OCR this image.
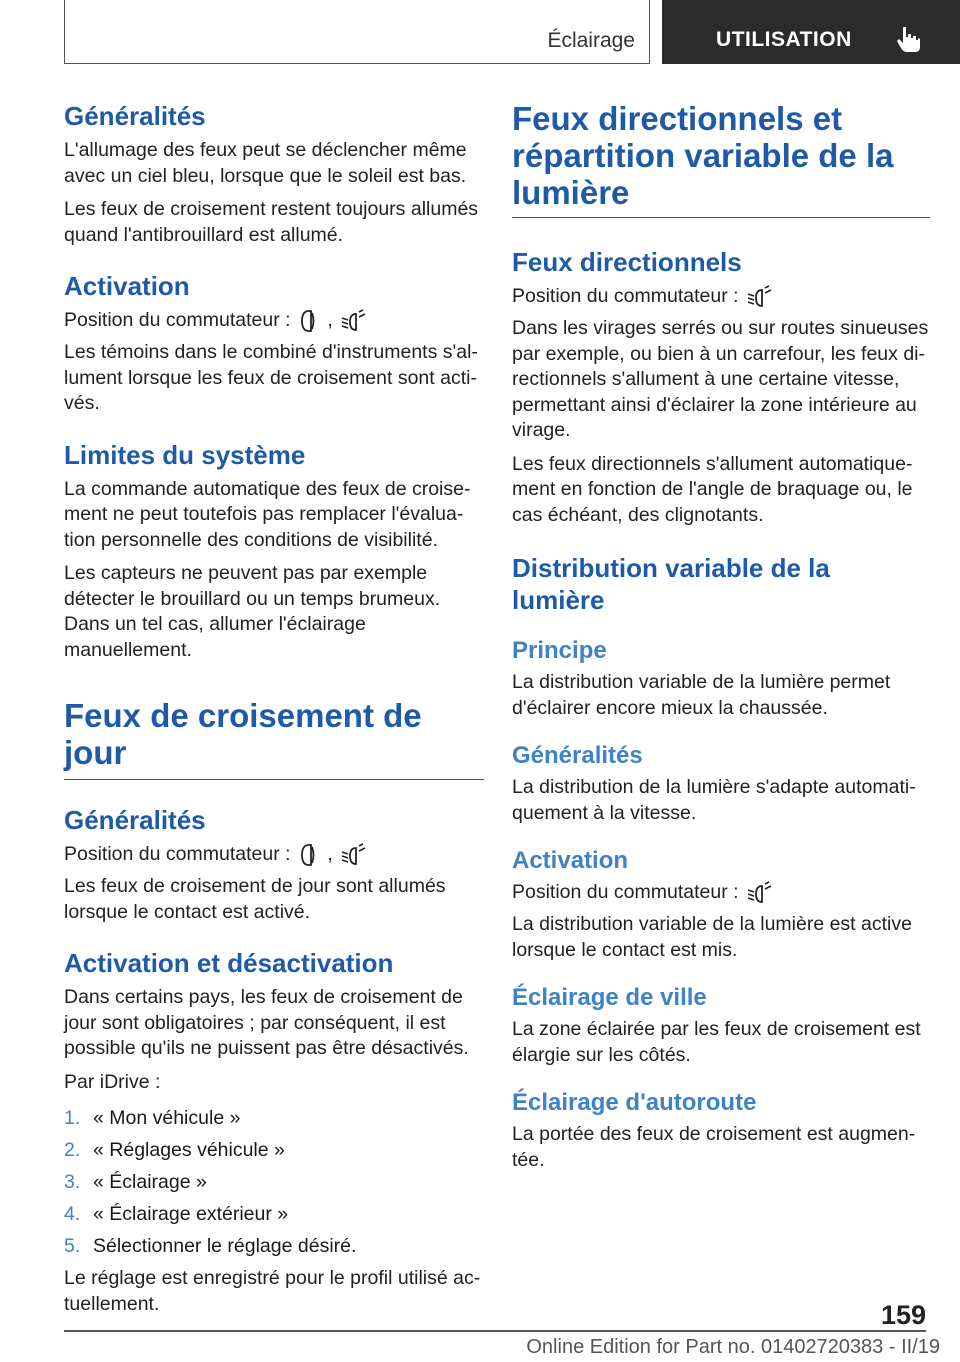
Éclairage	UTILISATION
Généralités

L'allumage des feux peut se déclencher même avec un ciel bleu, lorsque que le soleil est bas.

Les feux de croisement restent toujours allumés quand l'antibrouillard est allumé.

Activation

Position du commutateur : ,

Les témoins dans le combiné d'instruments s'allument lorsque les feux de croisement sont activés.

Limites du système

La commande automatique des feux de croisement ne peut toutefois pas remplacer l'évaluation personnelle des conditions de visibilité.

Les capteurs ne peuvent pas par exemple détecter le brouillard ou un temps brumeux. Dans un tel cas, allumer l'éclairage manuellement.

Feux de croisement de jour
Généralités

Position du commutateur : ,

Les feux de croisement de jour sont allumés lorsque le contact est activé.

Activation et désactivation

Dans certains pays, les feux de croisement de jour sont obligatoires ; par conséquent, il est possible qu'ils ne puissent pas être désactivés.

Par iDrive :

1. « Mon véhicule »
2. « Réglages véhicule »
3. « Éclairage »
4. « Éclairage extérieur »
5. Sélectionner le réglage désiré.

Le réglage est enregistré pour le profil utilisé actuellement.

Feux directionnels et répartition variable de la lumière
Feux directionnels

Position du commutateur :

Dans les virages serrés ou sur routes sinueuses par exemple, ou bien à un carrefour, les feux directionnels s'allument à une certaine vitesse, permettant ainsi d'éclairer la zone intérieure au virage.

Les feux directionnels s'allument automatiquement en fonction de l'angle de braquage ou, le cas échéant, des clignotants.

Distribution variable de la lumière
Principe

La distribution variable de la lumière permet d'éclairer encore mieux la chaussée.

Généralités

La distribution de la lumière s'adapte automatiquement à la vitesse.

Activation

Position du commutateur :

La distribution variable de la lumière est active lorsque le contact est mis.

Éclairage de ville

La zone éclairée par les feux de croisement est élargie sur les côtés.

Éclairage d'autoroute

La portée des feux de croisement est augmentée.

159
Online Edition for Part no. 01402720383 - II/19
